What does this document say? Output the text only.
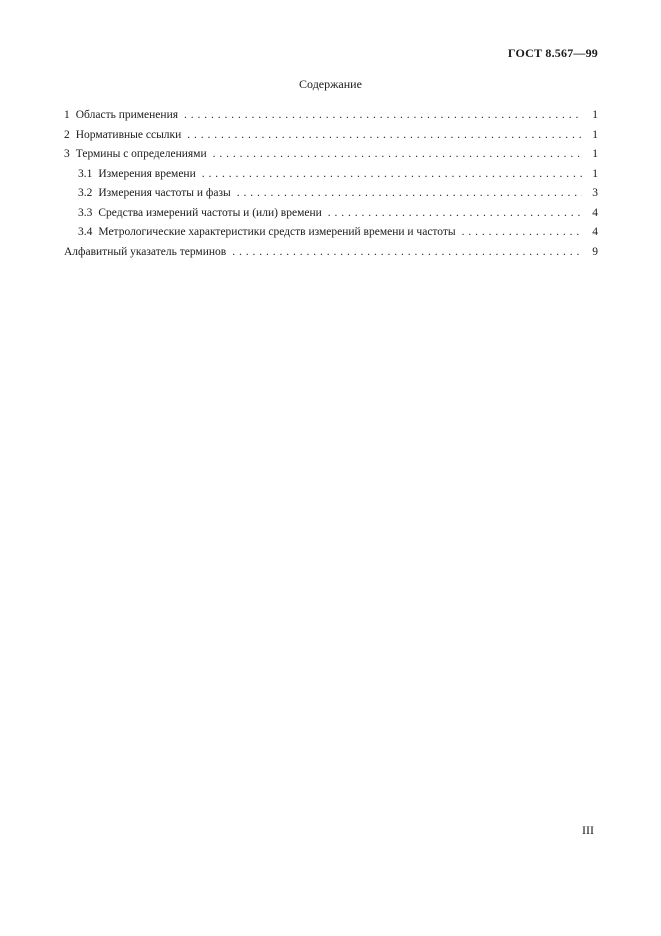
ГОСТ 8.567—99
Содержание
1 Область применения . . .	1
2 Нормативные ссылки . . .	1
3 Термины с определениями . . .	1
3.1 Измерения времени . . .	1
3.2 Измерения частоты и фазы . . .	3
3.3 Средства измерений частоты и (или) времени . . .	4
3.4 Метрологические характеристики средств измерений времени и частоты . . .	4
Алфавитный указатель терминов . . .	9
III
